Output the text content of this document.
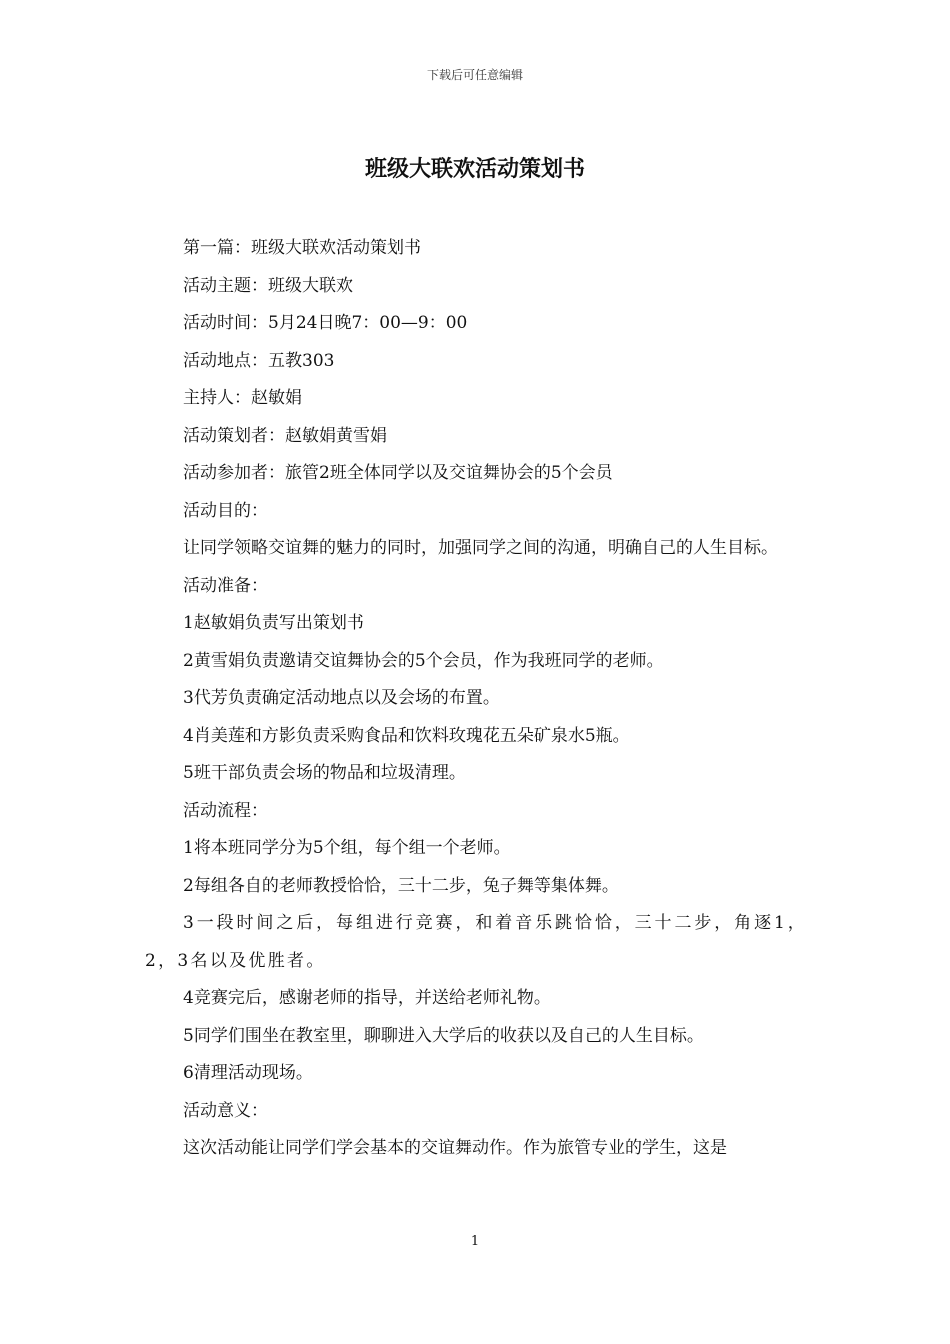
下载后可任意编辑
班级大联欢活动策划书

第一篇：班级大联欢活动策划书

活动主题：班级大联欢

活动时间：5月24日晚7：00—9：00

活动地点：五教303

主持人：赵敏娟

活动策划者：赵敏娟黄雪娟

活动参加者：旅管2班全体同学以及交谊舞协会的5个会员

活动目的：

让同学领略交谊舞的魅力的同时，加强同学之间的沟通，明确自己的人生目标。

活动准备：

1赵敏娟负责写出策划书

2黄雪娟负责邀请交谊舞协会的5个会员，作为我班同学的老师。

3代芳负责确定活动地点以及会场的布置。

4肖美莲和方影负责采购食品和饮料玫瑰花五朵矿泉水5瓶。

5班干部负责会场的物品和垃圾清理。

活动流程：

1将本班同学分为5个组，每个组一个老师。

2每组各自的老师教授恰恰，三十二步，兔子舞等集体舞。

3一段时间之后，每组进行竞赛，和着音乐跳恰恰，三十二步，角逐1，2，3名以及优胜者。

4竞赛完后，感谢老师的指导，并送给老师礼物。

5同学们围坐在教室里，聊聊进入大学后的收获以及自己的人生目标。

6清理活动现场。

活动意义：

这次活动能让同学们学会基本的交谊舞动作。作为旅管专业的学生，这是

1
